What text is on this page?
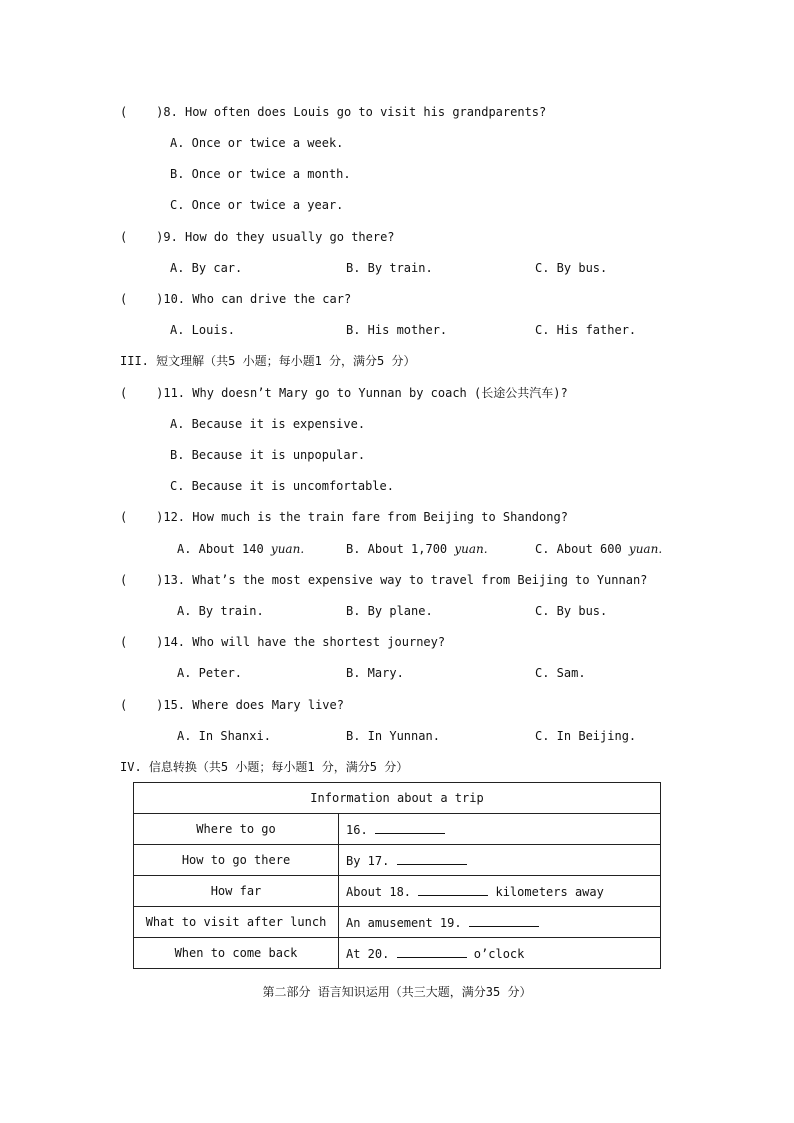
(    )8. How often does Louis go to visit his grandparents?
A. Once or twice a week.
B. Once or twice a month.
C. Once or twice a year.
(    )9. How do they usually go there?
A. By car.	B. By train.	C. By bus.
(    )10. Who can drive the car?
A. Louis.	B. His mother.	C. His father.
III. 短文理解（共5 小题；每小题1 分，满分5 分）
(    )11. Why doesn’t Mary go to Yunnan by coach (长途公共汽车)?
A. Because it is expensive.
B. Because it is unpopular.
C. Because it is uncomfortable.
(    )12. How much is the train fare from Beijing to Shandong?
A. About 140 yuan.	B. About 1,700 yuan.	C. About 600 yuan.
(    )13. What’s the most expensive way to travel from Beijing to Yunnan?
A. By train.	B. By plane.	C. By bus.
(    )14. Who will have the shortest journey?
A. Peter.	B. Mary.	C. Sam.
(    )15. Where does Mary live?
A. In Shanxi.	B. In Yunnan.	C. In Beijing.
IV. 信息转换（共5 小题；每小题1 分，满分5 分）
Information about a trip	
Where to go	16.
How to go there	By 17.
How far	About 18. kilometers away
What to visit after lunch	An amusement 19.
When to come back	At 20. o’clock
第二部分 语言知识运用（共三大题，满分35 分）
